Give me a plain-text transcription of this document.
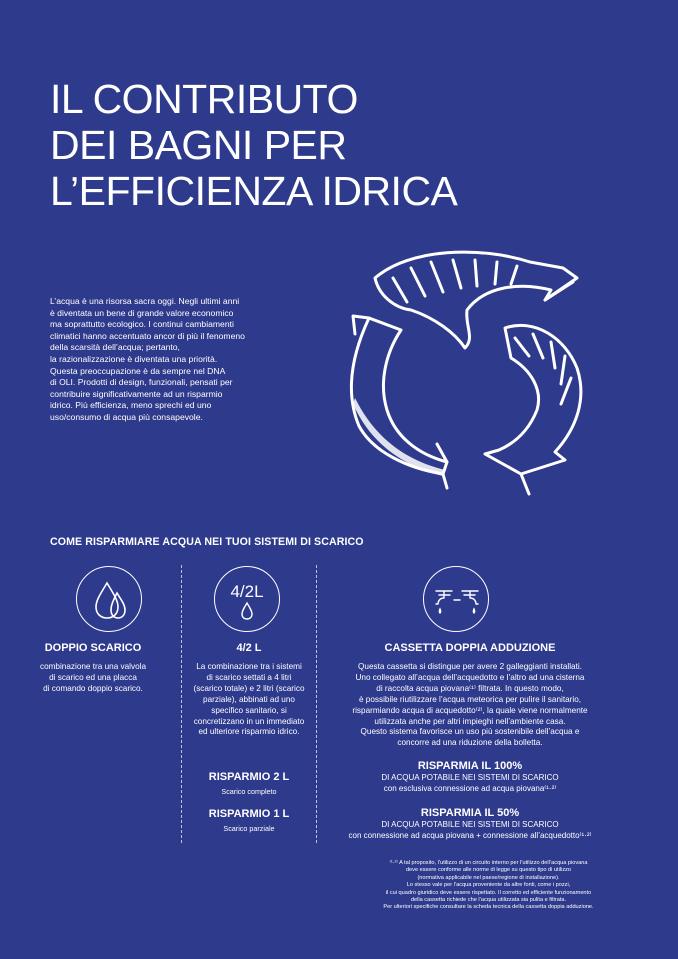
IL CONTRIBUTO
DEI BAGNI PER
L’EFFICIENZA IDRICA
L’acqua è una risorsa sacra oggi. Negli ultimi anni
è diventata un bene di grande valore economico
ma soprattutto ecologico. I continui cambiamenti
climatici hanno accentuato ancor di più il fenomeno
della scarsità dell’acqua; pertanto,
la razionalizzazione è diventata una priorità.
Questa preoccupazione è da sempre nel DNA
di OLI. Prodotti di design, funzionali, pensati per
contribuire significativamente ad un risparmio
idrico. Più efficienza, meno sprechi ed uno
uso/consumo di acqua più consapevole.
COME RISPARMIARE ACQUA NEI TUOI SISTEMI DI SCARICO
DOPPIO SCARICO
combinazione tra una valvola
di scarico ed una placca
di comando doppio scarico.
4/2L
4/2 L
La combinazione tra i sistemi
di scarico settati a 4 litri
(scarico totale) e 2 litri (scarico
parziale), abbinati ad uno
specifico sanitario, si
concretizzano in un immediato
ed ulteriore risparmio idrico.
RISPARMIO 2 L
Scarico completo
RISPARMIO 1 L
Scarico parziale
CASSETTA DOPPIA ADDUZIONE
Questa cassetta si distingue per avere 2 galleggianti installati.
Uno collegato all’acqua dell’acquedotto e l’altro ad una cisterna
di raccolta acqua piovana⁽¹⁾ filtrata. In questo modo,
è possibile riutilizzare l’acqua meteorica per pulire il sanitario,
risparmiando acqua di acquedotto⁽²⁾, la quale viene normalmente
utilizzata anche per altri impieghi nell’ambiente casa.
Questo sistema favorisce un uso più sostenibile dell’acqua e
concorre ad una riduzione della bolletta.
RISPARMIA IL 100%
DI ACQUA POTABILE NEI SISTEMI DI SCARICO
con esclusiva connessione ad acqua piovana⁽¹·²⁾
RISPARMIA IL 50%
DI ACQUA POTABILE NEI SISTEMI DI SCARICO
con connessione ad acqua piovana + connessione all’acquedotto⁽¹·²⁾
⁽¹·²⁾ A tal proposito, l’utilizzo di un circuito interno per l’utilizzo dell’acqua piovana
deve essere conforme alle norme di legge su questo tipo di utilizzo
(normativa applicabile nel paese/regione di installazione).
Lo stesso vale per l’acqua proveniente da altre fonti, come i pozzi,
il cui quadro giuridico deve essere rispettato. Il corretto ed efficiente funzionamento
della cassetta richiede che l’acqua utilizzata sia pulita e filtrata.
Per ulteriori specifiche consultare la scheda tecnica della cassetta doppia adduzione.
